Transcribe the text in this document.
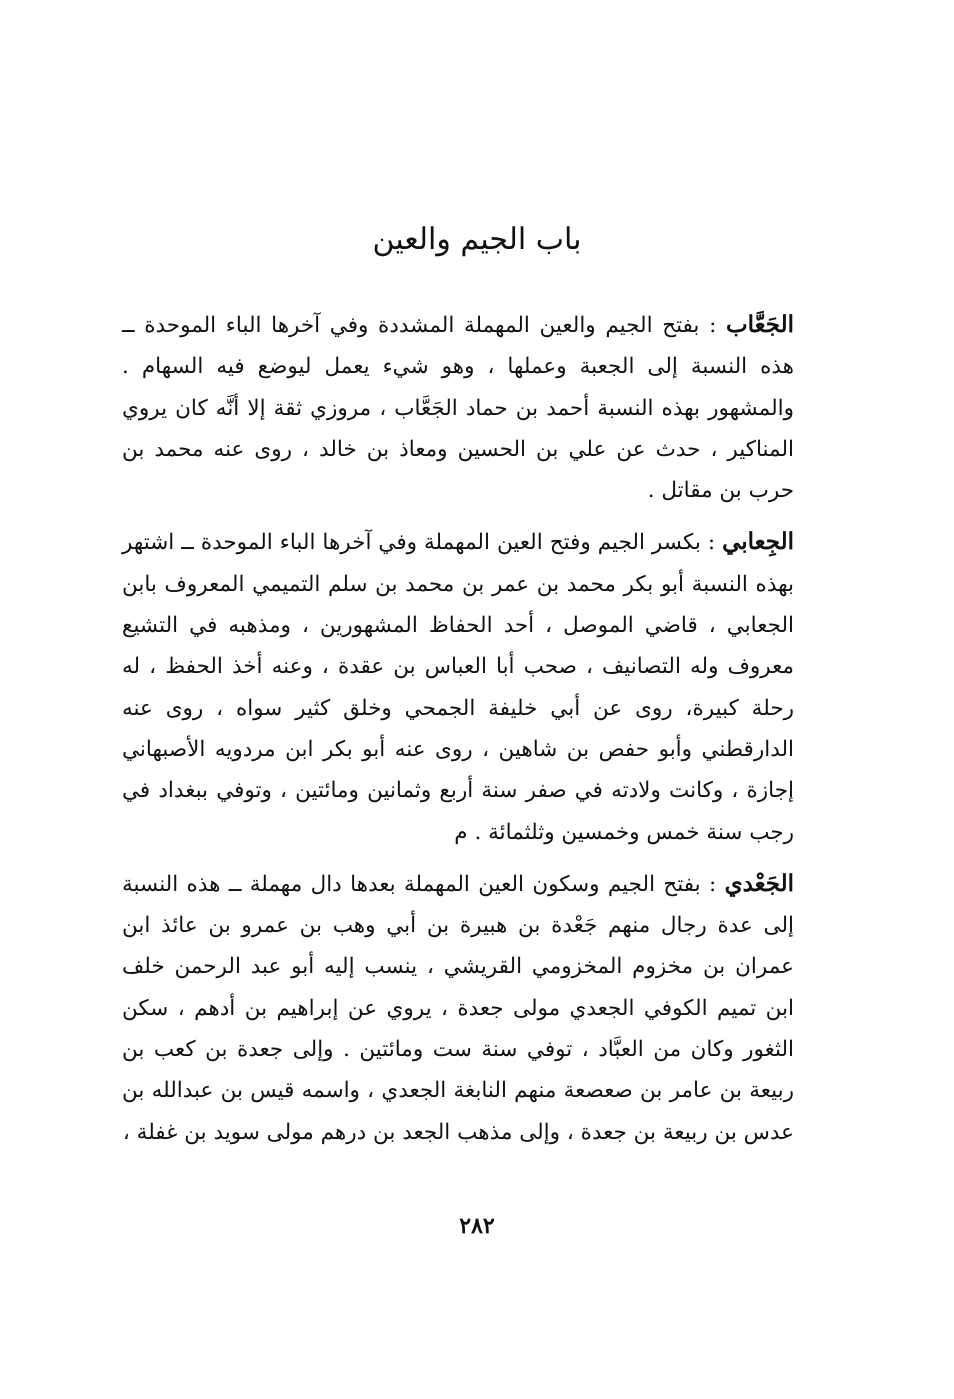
باب الجيم والعين

الجَعَّاب : بفتح الجيم والعين المهملة المشددة وفي آخرها الباء الموحدة ــ هذه النسبة إلى الجعبة وعملها ، وهو شيء يعمل ليوضع فيه السهام . والمشهور بهذه النسبة أحمد بن حماد الجَعَّاب ، مروزي ثقة إلا أنَّه كان يروي المناكير ، حدث عن علي بن الحسين ومعاذ بن خالد ، روى عنه محمد بن حرب بن مقاتل .

الجِعابي : بكسر الجيم وفتح العين المهملة وفي آخرها الباء الموحدة ــ اشتهر بهذه النسبة أبو بكر محمد بن عمر بن محمد بن سلم التميمي المعروف بابن الجعابي ، قاضي الموصل ، أحد الحفاظ المشهورين ، ومذهبه في التشيع معروف وله التصانيف ، صحب أبا العباس بن عقدة ، وعنه أخذ الحفظ ، له رحلة كبيرة، روى عن أبي خليفة الجمحي وخلق كثير سواه ، روى عنه الدارقطني وأبو حفص بن شاهين ، روى عنه أبو بكر ابن مردويه الأصبهاني إجازة ، وكانت ولادته في صفر سنة أربع وثمانين ومائتين ، وتوفي ببغداد في رجب سنة خمس وخمسين وثلثمائة . م

الجَعْدي : بفتح الجيم وسكون العين المهملة بعدها دال مهملة ــ هذه النسبة إلى عدة رجال منهم جَعْدة بن هبيرة بن أبي وهب بن عمرو بن عائذ ابن عمران بن مخزوم المخزومي القريشي ، ينسب إليه أبو عبد الرحمن خلف ابن تميم الكوفي الجعدي مولى جعدة ، يروي عن إبراهيم بن أدهم ، سكن الثغور وكان من العبَّاد ، توفي سنة ست ومائتين . وإلى جعدة بن كعب بن ربيعة بن عامر بن صعصعة منهم النابغة الجعدي ، واسمه قيس بن عبدالله بن عدس بن ربيعة بن جعدة ، وإلى مذهب الجعد بن درهم مولى سويد بن غفلة ،

٢٨٢
